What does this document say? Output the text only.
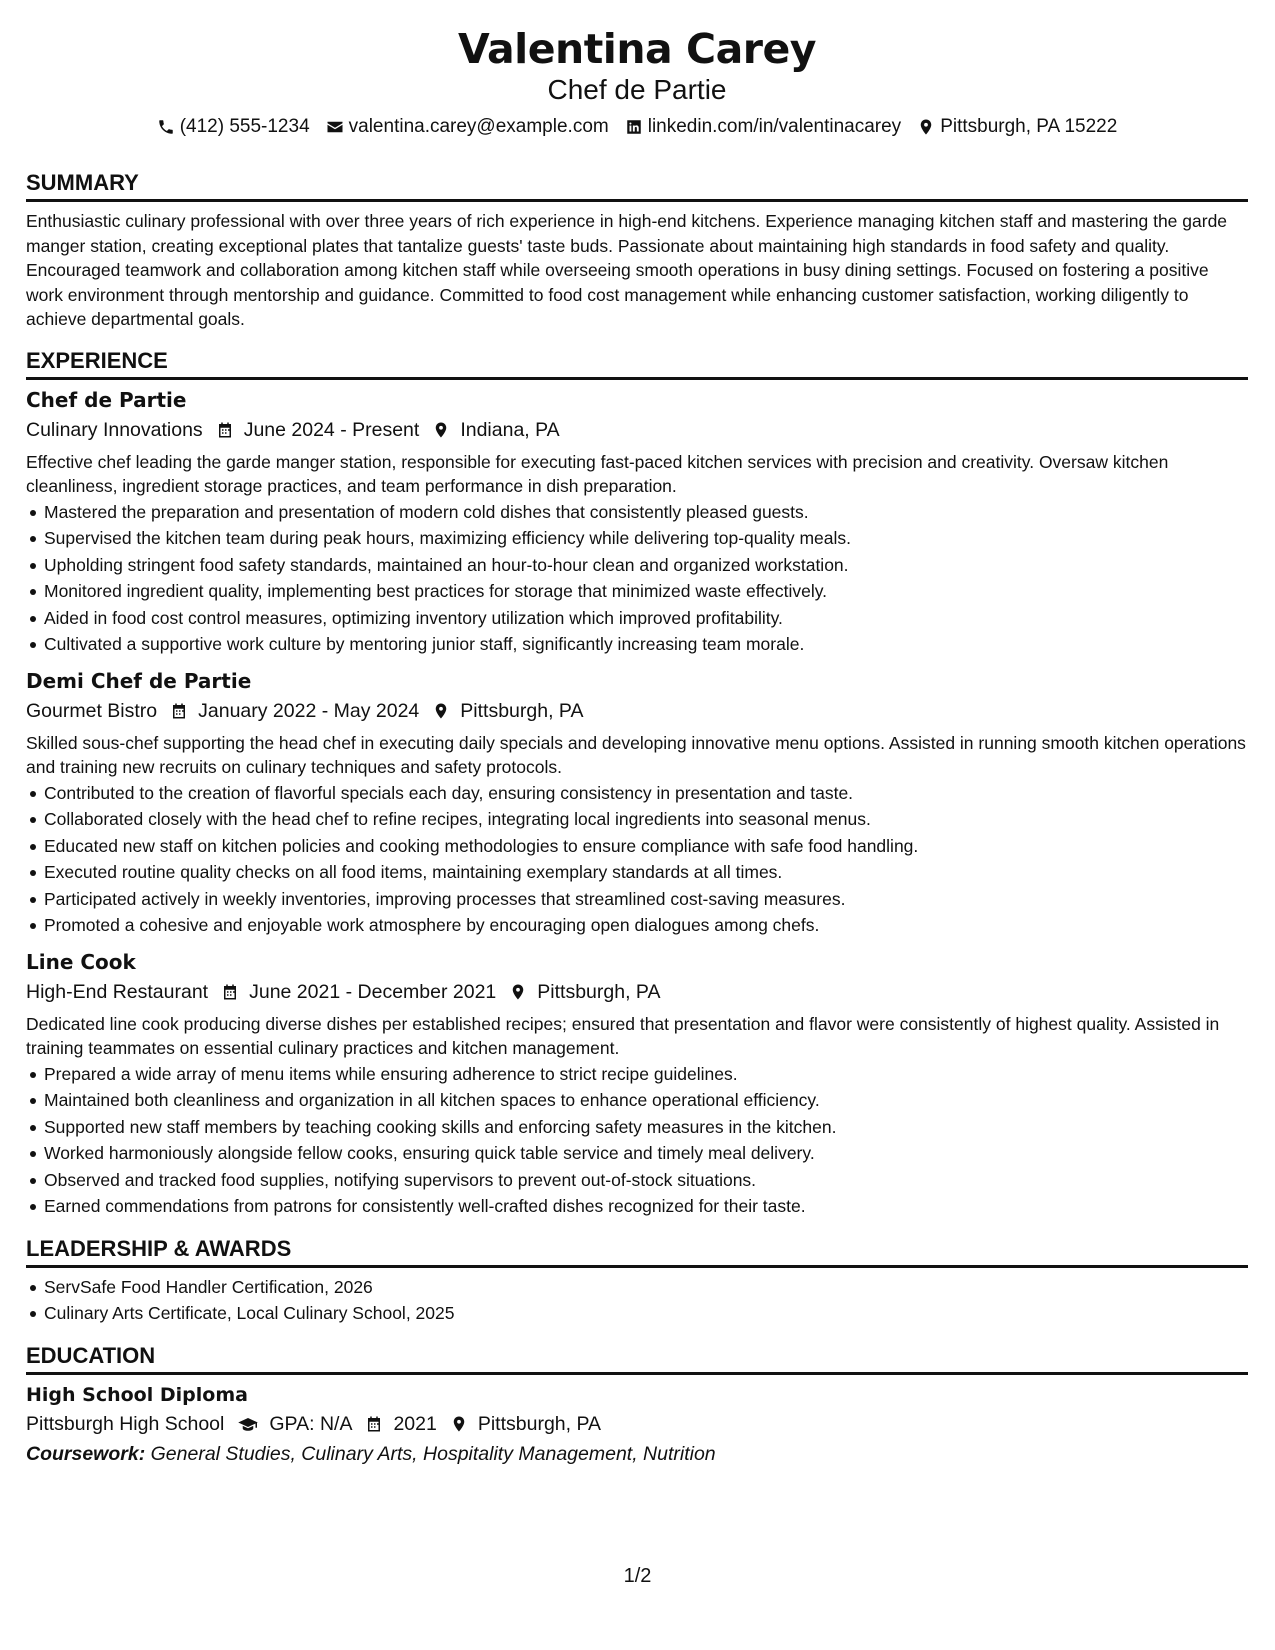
Valentina Carey
Chef de Partie
(412) 555-1234 valentina.carey@example.com linkedin.com/in/valentinacarey Pittsburgh, PA 15222
SUMMARY
Enthusiastic culinary professional with over three years of rich experience in high-end kitchens. Experience managing kitchen staff and mastering the garde manger station, creating exceptional plates that tantalize guests' taste buds. Passionate about maintaining high standards in food safety and quality. Encouraged teamwork and collaboration among kitchen staff while overseeing smooth operations in busy dining settings. Focused on fostering a positive work environment through mentorship and guidance. Committed to food cost management while enhancing customer satisfaction, working diligently to achieve departmental goals.
EXPERIENCE
Chef de Partie
Culinary Innovations June 2024 - Present Indiana, PA
Effective chef leading the garde manger station, responsible for executing fast-paced kitchen services with precision and creativity. Oversaw kitchen cleanliness, ingredient storage practices, and team performance in dish preparation.
Mastered the preparation and presentation of modern cold dishes that consistently pleased guests.
Supervised the kitchen team during peak hours, maximizing efficiency while delivering top-quality meals.
Upholding stringent food safety standards, maintained an hour-to-hour clean and organized workstation.
Monitored ingredient quality, implementing best practices for storage that minimized waste effectively.
Aided in food cost control measures, optimizing inventory utilization which improved profitability.
Cultivated a supportive work culture by mentoring junior staff, significantly increasing team morale.
Demi Chef de Partie
Gourmet Bistro January 2022 - May 2024 Pittsburgh, PA
Skilled sous-chef supporting the head chef in executing daily specials and developing innovative menu options. Assisted in running smooth kitchen operations and training new recruits on culinary techniques and safety protocols.
Contributed to the creation of flavorful specials each day, ensuring consistency in presentation and taste.
Collaborated closely with the head chef to refine recipes, integrating local ingredients into seasonal menus.
Educated new staff on kitchen policies and cooking methodologies to ensure compliance with safe food handling.
Executed routine quality checks on all food items, maintaining exemplary standards at all times.
Participated actively in weekly inventories, improving processes that streamlined cost-saving measures.
Promoted a cohesive and enjoyable work atmosphere by encouraging open dialogues among chefs.
Line Cook
High-End Restaurant June 2021 - December 2021 Pittsburgh, PA
Dedicated line cook producing diverse dishes per established recipes; ensured that presentation and flavor were consistently of highest quality. Assisted in training teammates on essential culinary practices and kitchen management.
Prepared a wide array of menu items while ensuring adherence to strict recipe guidelines.
Maintained both cleanliness and organization in all kitchen spaces to enhance operational efficiency.
Supported new staff members by teaching cooking skills and enforcing safety measures in the kitchen.
Worked harmoniously alongside fellow cooks, ensuring quick table service and timely meal delivery.
Observed and tracked food supplies, notifying supervisors to prevent out-of-stock situations.
Earned commendations from patrons for consistently well-crafted dishes recognized for their taste.
LEADERSHIP & AWARDS
ServSafe Food Handler Certification, 2026
Culinary Arts Certificate, Local Culinary School, 2025
EDUCATION
High School Diploma
Pittsburgh High School GPA: N/A 2021 Pittsburgh, PA
Coursework: General Studies, Culinary Arts, Hospitality Management, Nutrition
1/2
